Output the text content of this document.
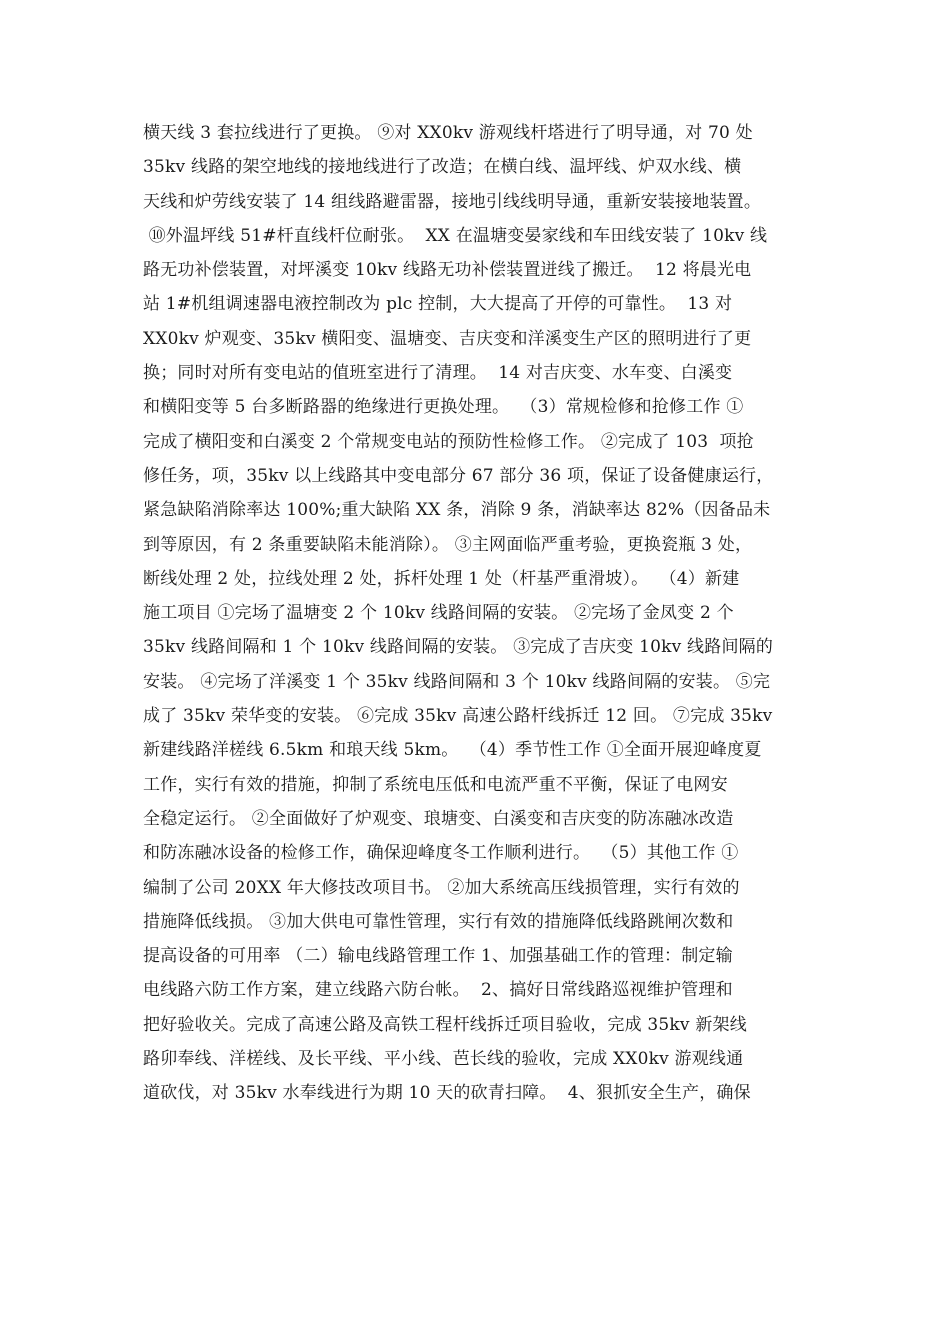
横天线 3 套拉线进行了更换。 ⑨对 XX0kv 游观线杆塔进行了明导通，对 70 处
35kv 线路的架空地线的接地线进行了改造；在横白线、温坪线、炉双水线、横
天线和炉劳线安装了 14 组线路避雷器，接地引线线明导通，重新安装接地装置。
⑩外温坪线 51#杆直线杆位耐张。  XX 在温塘变晏家线和车田线安装了 10kv 线
路无功补偿装置，对坪溪变 10kv 线路无功补偿装置迸线了搬迁。  12 将晨光电
站 1#机组调速器电液控制改为 plc 控制，大大提高了开停的可靠性。  13 对
XX0kv 炉观变、35kv 横阳变、温塘变、吉庆变和洋溪变生产区的照明进行了更
换；同时对所有变电站的值班室进行了清理。  14 对吉庆变、水车变、白溪变
和横阳变等 5 台多断路器的绝缘进行更换处理。  （3）常规检修和抢修工作 ①
完成了横阳变和白溪变 2 个常规变电站的预防性检修工作。 ②完成了 103  项抢
修任务，项，35kv 以上线路其中变电部分 67 部分 36 项，保证了设备健康运行，
紧急缺陷消除率达 100%;重大缺陷 XX 条，消除 9 条，消缺率达 82%（因备品未
到等原因，有 2 条重要缺陷未能消除）。 ③主网面临严重考验，更换瓷瓶 3 处，
断线处理 2 处，拉线处理 2 处，拆杆处理 1 处（杆基严重滑坡）。  （4）新建
施工项目 ①完场了温塘变 2 个 10kv 线路间隔的安装。 ②完场了金凤变 2 个
35kv 线路间隔和 1 个 10kv 线路间隔的安装。 ③完成了吉庆变 10kv 线路间隔的
安装。 ④完场了洋溪变 1 个 35kv 线路间隔和 3 个 10kv 线路间隔的安装。 ⑤完
成了 35kv 荣华变的安装。 ⑥完成 35kv 高速公路杆线拆迁 12 回。 ⑦完成 35kv
新建线路洋槎线 6.5km 和琅天线 5km。  （4）季节性工作 ①全面开展迎峰度夏
工作，实行有效的措施，抑制了系统电压低和电流严重不平衡，保证了电网安
全稳定运行。 ②全面做好了炉观变、琅塘变、白溪变和吉庆变的防冻融冰改造
和防冻融冰设备的检修工作，确保迎峰度冬工作顺利进行。  （5）其他工作 ①
编制了公司 20XX 年大修技改项目书。 ②加大系统高压线损管理，实行有效的
措施降低线损。 ③加大供电可靠性管理，实行有效的措施降低线路跳闸次数和
提高设备的可用率 （二）输电线路管理工作 1、加强基础工作的管理：制定输
电线路六防工作方案，建立线路六防台帐。  2、搞好日常线路巡视维护管理和
把好验收关。完成了高速公路及高铁工程杆线拆迁项目验收，完成 35kv 新架线
路卯奉线、洋槎线、及长平线、平小线、芭长线的验收，完成 XX0kv 游观线通
道砍伐，对 35kv 水奉线进行为期 10 天的砍青扫障。  4、狠抓安全生产，确保
